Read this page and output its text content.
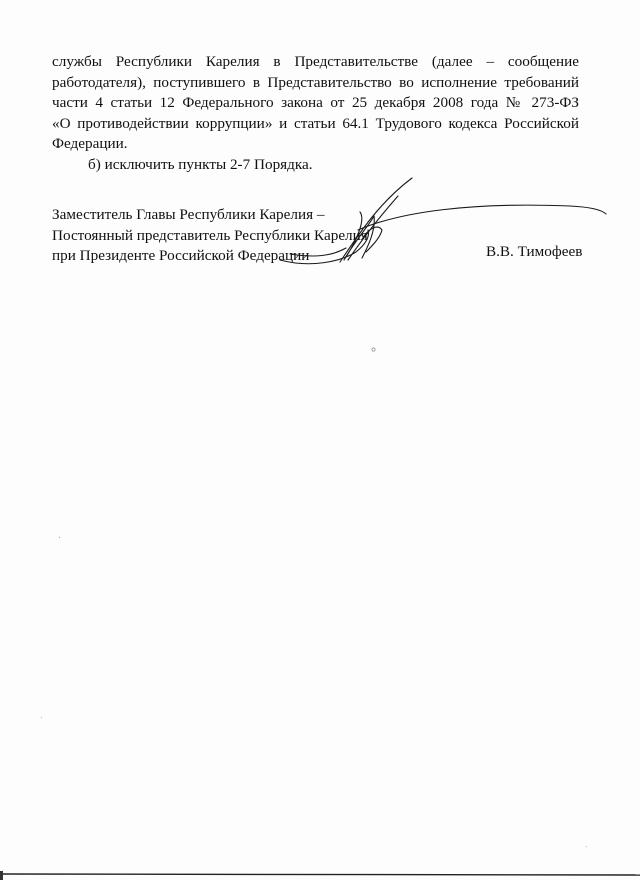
службы Республики Карелия в Представительстве (далее – сообщение
работодателя), поступившего в Представительство во исполнение требований
части 4 статьи 12 Федерального закона от 25 декабря 2008 года № 273-ФЗ
«О противодействии коррупции» и статьи 64.1 Трудового кодекса Российской
Федерации.
б) исключить пункты 2-7 Порядка.
Заместитель Главы Республики Карелия –
Постоянный представитель Республики Карелия
при Президенте Российской Федерации	В.В. Тимофеев
